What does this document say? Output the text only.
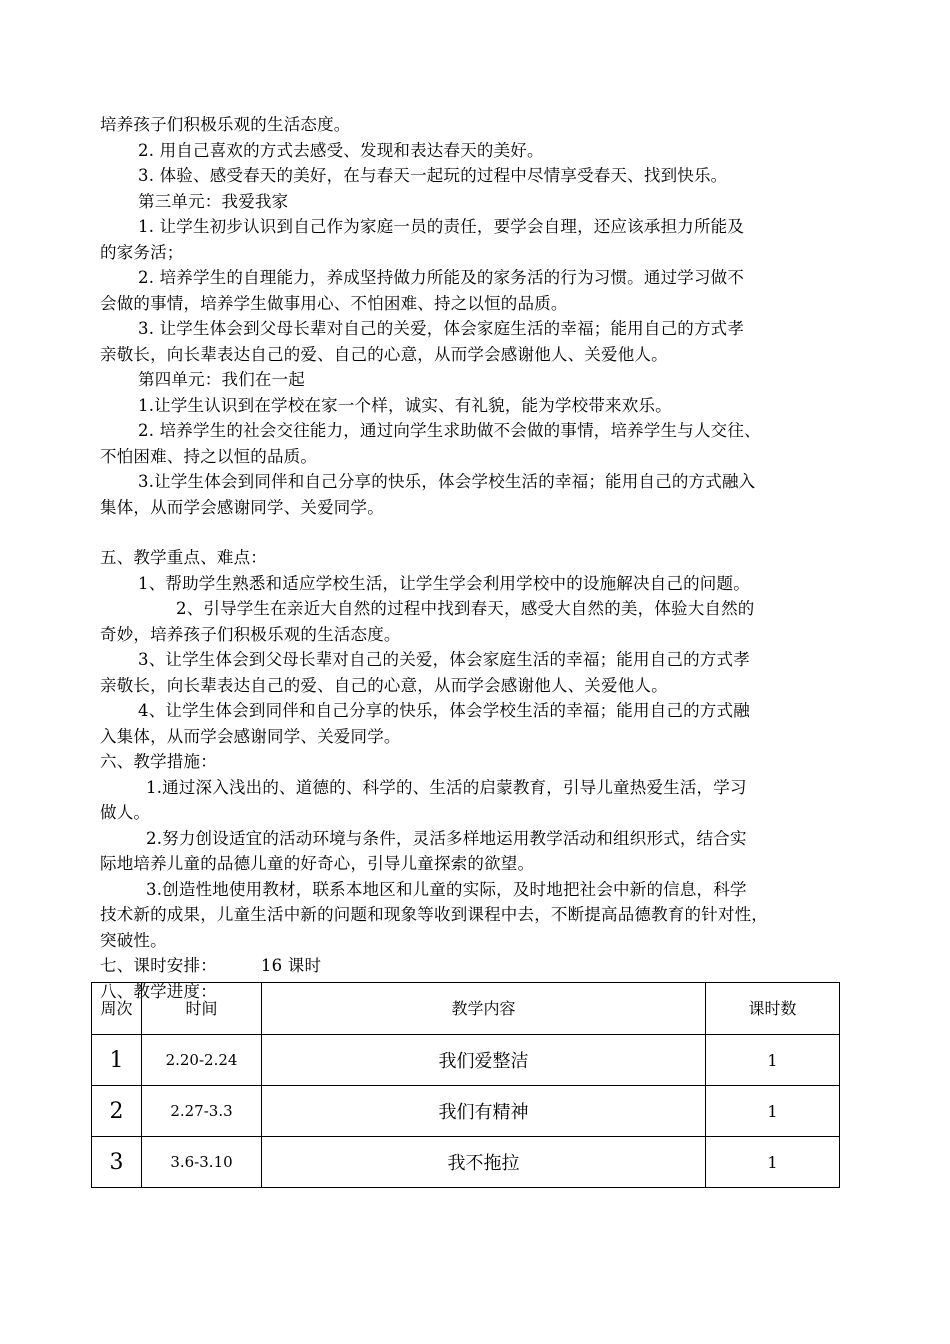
培养孩子们积极乐观的生活态度。

2. 用自己喜欢的方式去感受、发现和表达春天的美好。

3. 体验、感受春天的美好，在与春天一起玩的过程中尽情享受春天、找到快乐。

第三单元：我爱我家

1. 让学生初步认识到自己作为家庭一员的责任，要学会自理，还应该承担力所能及

的家务活；

2. 培养学生的自理能力，养成坚持做力所能及的家务活的行为习惯。通过学习做不

会做的事情，培养学生做事用心、不怕困难、持之以恒的品质。

3. 让学生体会到父母长辈对自己的关爱，体会家庭生活的幸福；能用自己的方式孝

亲敬长，向长辈表达自己的爱、自己的心意，从而学会感谢他人、关爱他人。

第四单元：我们在一起

1.让学生认识到在学校在家一个样，诚实、有礼貌，能为学校带来欢乐。

2. 培养学生的社会交往能力，通过向学生求助做不会做的事情，培养学生与人交往、

不怕困难、持之以恒的品质。

3.让学生体会到同伴和自己分享的快乐，体会学校生活的幸福；能用自己的方式融入

集体，从而学会感谢同学、关爱同学。

五、教学重点、难点：

1、帮助学生熟悉和适应学校生活，让学生学会利用学校中的设施解决自己的问题。

2、引导学生在亲近大自然的过程中找到春天，感受大自然的美，体验大自然的

奇妙，培养孩子们积极乐观的生活态度。

3、让学生体会到父母长辈对自己的关爱，体会家庭生活的幸福；能用自己的方式孝

亲敬长，向长辈表达自己的爱、自己的心意，从而学会感谢他人、关爱他人。

4、让学生体会到同伴和自己分享的快乐，体会学校生活的幸福；能用自己的方式融

入集体，从而学会感谢同学、关爱同学。

六、教学措施：

1.通过深入浅出的、道德的、科学的、生活的启蒙教育，引导儿童热爱生活，学习

做人。

2.努力创设适宜的活动环境与条件，灵活多样地运用教学活动和组织形式，结合实

际地培养儿童的品德儿童的好奇心，引导儿童探索的欲望。

3.创造性地使用教材，联系本地区和儿童的实际，及时地把社会中新的信息，科学

技术新的成果，儿童生活中新的问题和现象等收到课程中去，不断提高品德教育的针对性，

突破性。

七、课时安排：	16 课时

八、教学进度：

周次	时间	教学内容	课时数
1	2.20-2.24	我们爱整洁	1
2	2.27-3.3	我们有精神	1
3	3.6-3.10	我不拖拉	1
